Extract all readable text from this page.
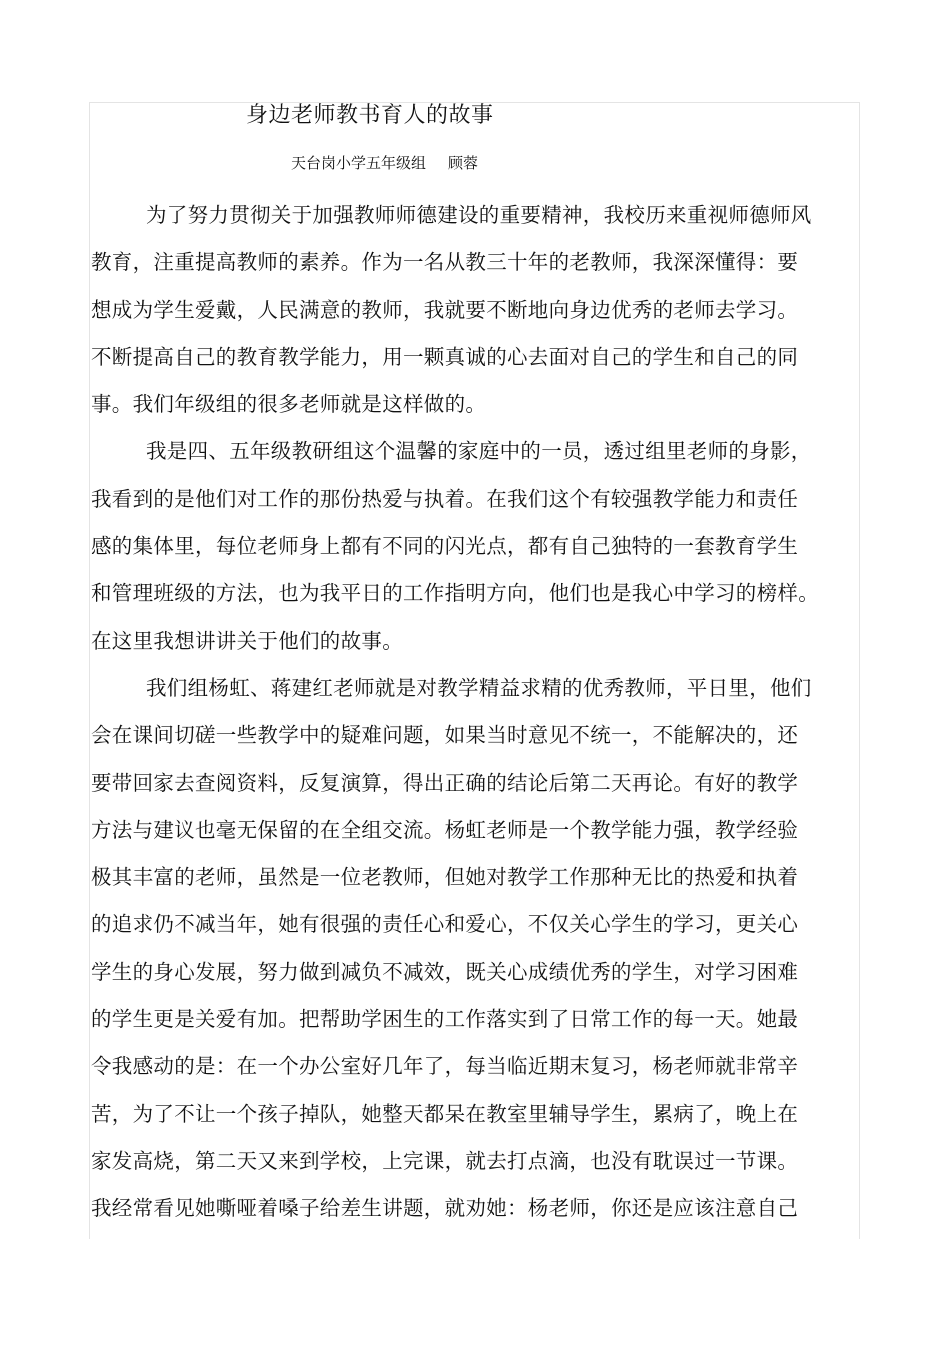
身边老师教书育人的故事
天台岗小学五年级组 顾蓉
为了努力贯彻关于加强教师师德建设的重要精神，我校历来重视师德师风
教育，注重提高教师的素养。作为一名从教三十年的老教师，我深深懂得：要
想成为学生爱戴，人民满意的教师，我就要不断地向身边优秀的老师去学习。
不断提高自己的教育教学能力，用一颗真诚的心去面对自己的学生和自己的同
事。我们年级组的很多老师就是这样做的。
我是四、五年级教研组这个温馨的家庭中的一员，透过组里老师的身影，
我看到的是他们对工作的那份热爱与执着。在我们这个有较强教学能力和责任
感的集体里，每位老师身上都有不同的闪光点，都有自己独特的一套教育学生
和管理班级的方法，也为我平日的工作指明方向，他们也是我心中学习的榜样。
在这里我想讲讲关于他们的故事。
我们组杨虹、蒋建红老师就是对教学精益求精的优秀教师，平日里，他们
会在课间切磋一些教学中的疑难问题，如果当时意见不统一，不能解决的，还
要带回家去查阅资料，反复演算，得出正确的结论后第二天再论。有好的教学
方法与建议也毫无保留的在全组交流。杨虹老师是一个教学能力强，教学经验
极其丰富的老师，虽然是一位老教师，但她对教学工作那种无比的热爱和执着
的追求仍不减当年，她有很强的责任心和爱心，不仅关心学生的学习，更关心
学生的身心发展，努力做到减负不减效，既关心成绩优秀的学生，对学习困难
的学生更是关爱有加。把帮助学困生的工作落实到了日常工作的每一天。她最
令我感动的是：在一个办公室好几年了，每当临近期末复习，杨老师就非常辛
苦，为了不让一个孩子掉队，她整天都呆在教室里辅导学生，累病了，晚上在
家发高烧，第二天又来到学校，上完课，就去打点滴，也没有耽误过一节课。
我经常看见她嘶哑着嗓子给差生讲题，就劝她：杨老师，你还是应该注意自己
